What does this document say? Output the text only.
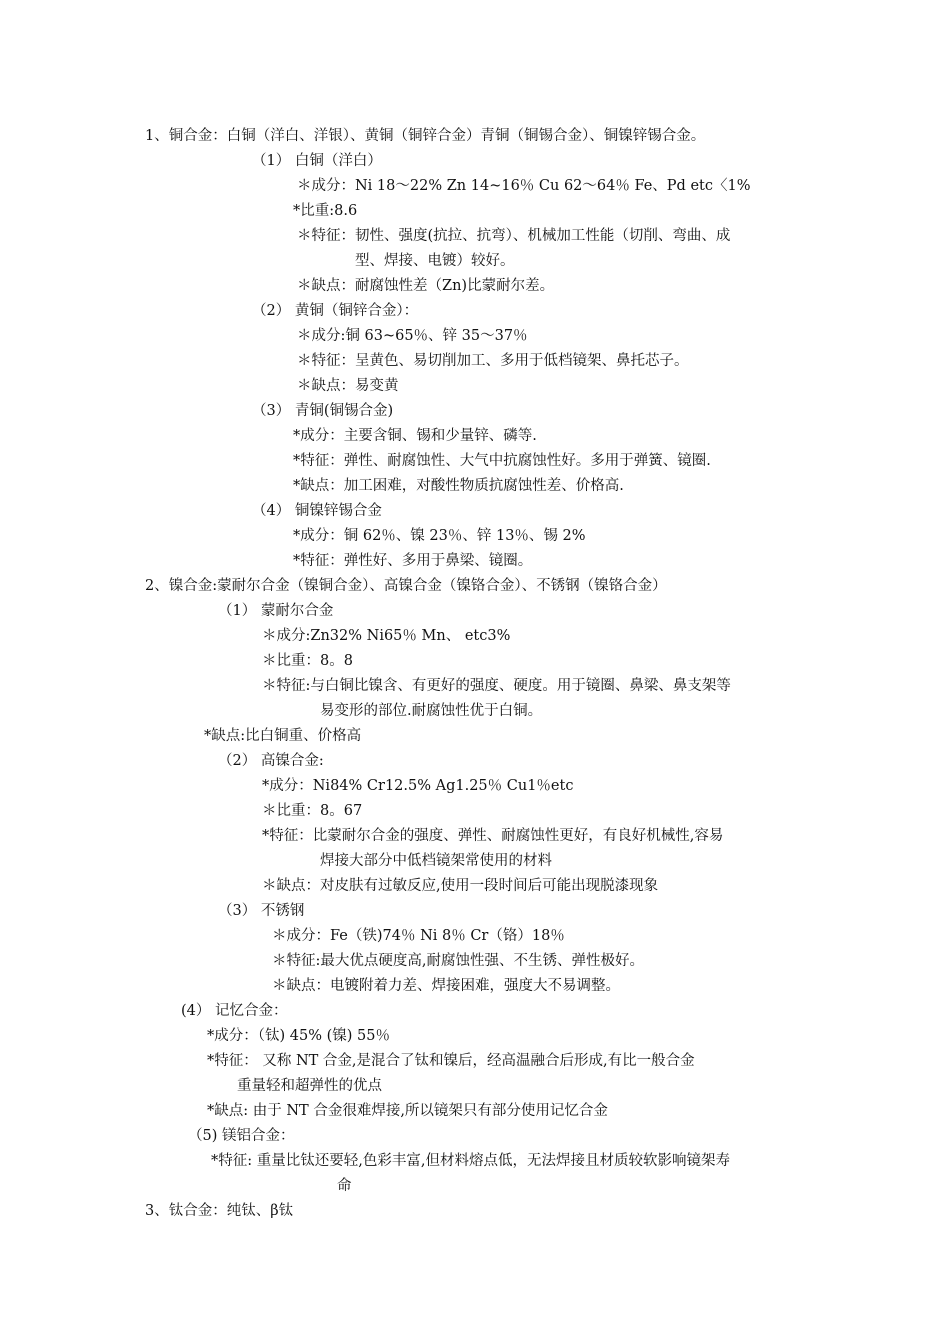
1、铜合金：白铜（洋白、洋银）、黄铜（铜锌合金）青铜（铜锡合金）、铜镍锌锡合金。
（1） 白铜（洋白）
＊成分：Ni 18～22% Zn 14~16％ Cu 62～64％ Fe、Pd etc〈1%
*比重:8.6
＊特征：韧性、强度(抗拉、抗弯）、机械加工性能（切削、弯曲、成
型、焊接、电镀）较好。
＊缺点：耐腐蚀性差（Zn)比蒙耐尔差。
（2） 黄铜（铜锌合金）：
＊成分:铜 63~65％、锌 35～37％
＊特征：呈黄色、易切削加工、多用于低档镜架、鼻托芯子。
＊缺点：易变黄
（3） 青铜(铜锡合金)
*成分：主要含铜、锡和少量锌、磷等.
*特征：弹性、耐腐蚀性、大气中抗腐蚀性好。多用于弹簧、镜圈.
*缺点：加工困难，对酸性物质抗腐蚀性差、价格高.
（4） 铜镍锌锡合金
*成分：铜 62％、镍 23％、锌 13％、锡 2%
*特征：弹性好、多用于鼻梁、镜圈。
2、镍合金:蒙耐尔合金（镍铜合金）、高镍合金（镍铬合金）、不锈钢（镍铬合金）
（1） 蒙耐尔合金
＊成分:Zn32% Ni65％ Mn、 etc3%
＊比重：8。8
＊特征:与白铜比镍含、有更好的强度、硬度。用于镜圈、鼻梁、鼻支架等
易变形的部位.耐腐蚀性优于白铜。
*缺点:比白铜重、价格高
（2） 高镍合金:
*成分：Ni84% Cr12.5% Ag1.25％ Cu1％etc
＊比重：8。67
*特征：比蒙耐尔合金的强度、弹性、耐腐蚀性更好，有良好机械性,容易
焊接大部分中低档镜架常使用的材料
＊缺点：对皮肤有过敏反应,使用一段时间后可能出现脱漆现象
（3） 不锈钢
＊成分：Fe（铁)74％ Ni 8％ Cr（铬）18％
＊特征:最大优点硬度高,耐腐蚀性强、不生锈、弹性极好。
＊缺点：电镀附着力差、焊接困难，强度大不易调整。
(4） 记忆合金：
*成分：（钛) 45% (镍) 55％
*特征： 又称 NT 合金,是混合了钛和镍后，经高温融合后形成,有比一般合金
重量轻和超弹性的优点
*缺点: 由于 NT 合金很难焊接,所以镜架只有部分使用记忆合金
（5) 镁铝合金：
*特征: 重量比钛还要轻,色彩丰富,但材料熔点低，无法焊接且材质较软影响镜架寿
命
3、钛合金：纯钛、β钛
